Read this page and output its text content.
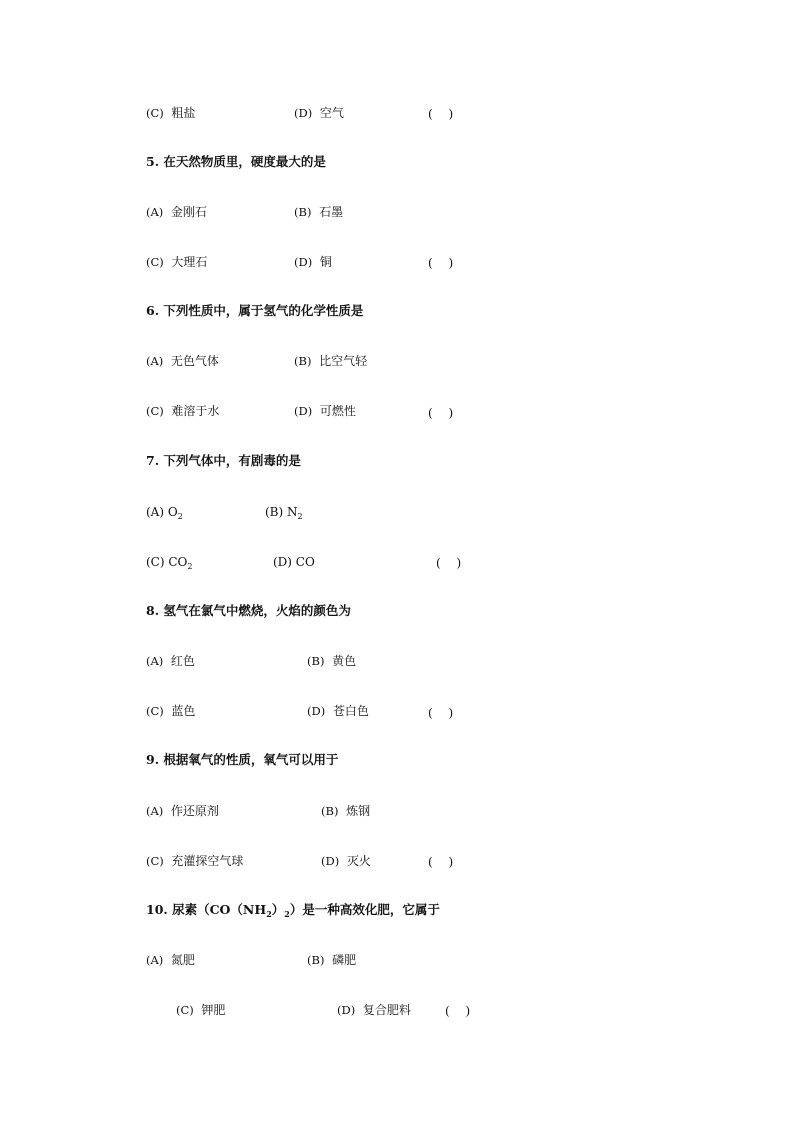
(C) 粗盐	(D) 空气	(　 )
5. 在天然物质里，硬度最大的是
(A) 金刚石	(B) 石墨
(C) 大理石	(D) 铜	(　 )
6. 下列性质中，属于氢气的化学性质是
(A) 无色气体	(B) 比空气轻
(C) 难溶于水	(D) 可燃性	(　 )
7. 下列气体中，有剧毒的是
(A) $O_2$	(B) $N_2$
(C) $CO_2$	(D) CO	(　 )
8. 氢气在氯气中燃烧，火焰的颜色为
(A) 红色	(B) 黄色
(C) 蓝色	(D) 苍白色	(　 )
9. 根据氧气的性质，氧气可以用于
(A) 作还原剂	(B) 炼钢
(C) 充灌探空气球	(D) 灭火	(　 )
10. 尿素$(CO(NH_2)_2)$是一种高效化肥，它属于
(A) 氮肥	(B) 磷肥
(C) 钾肥	(D) 复合肥料	(　 )
